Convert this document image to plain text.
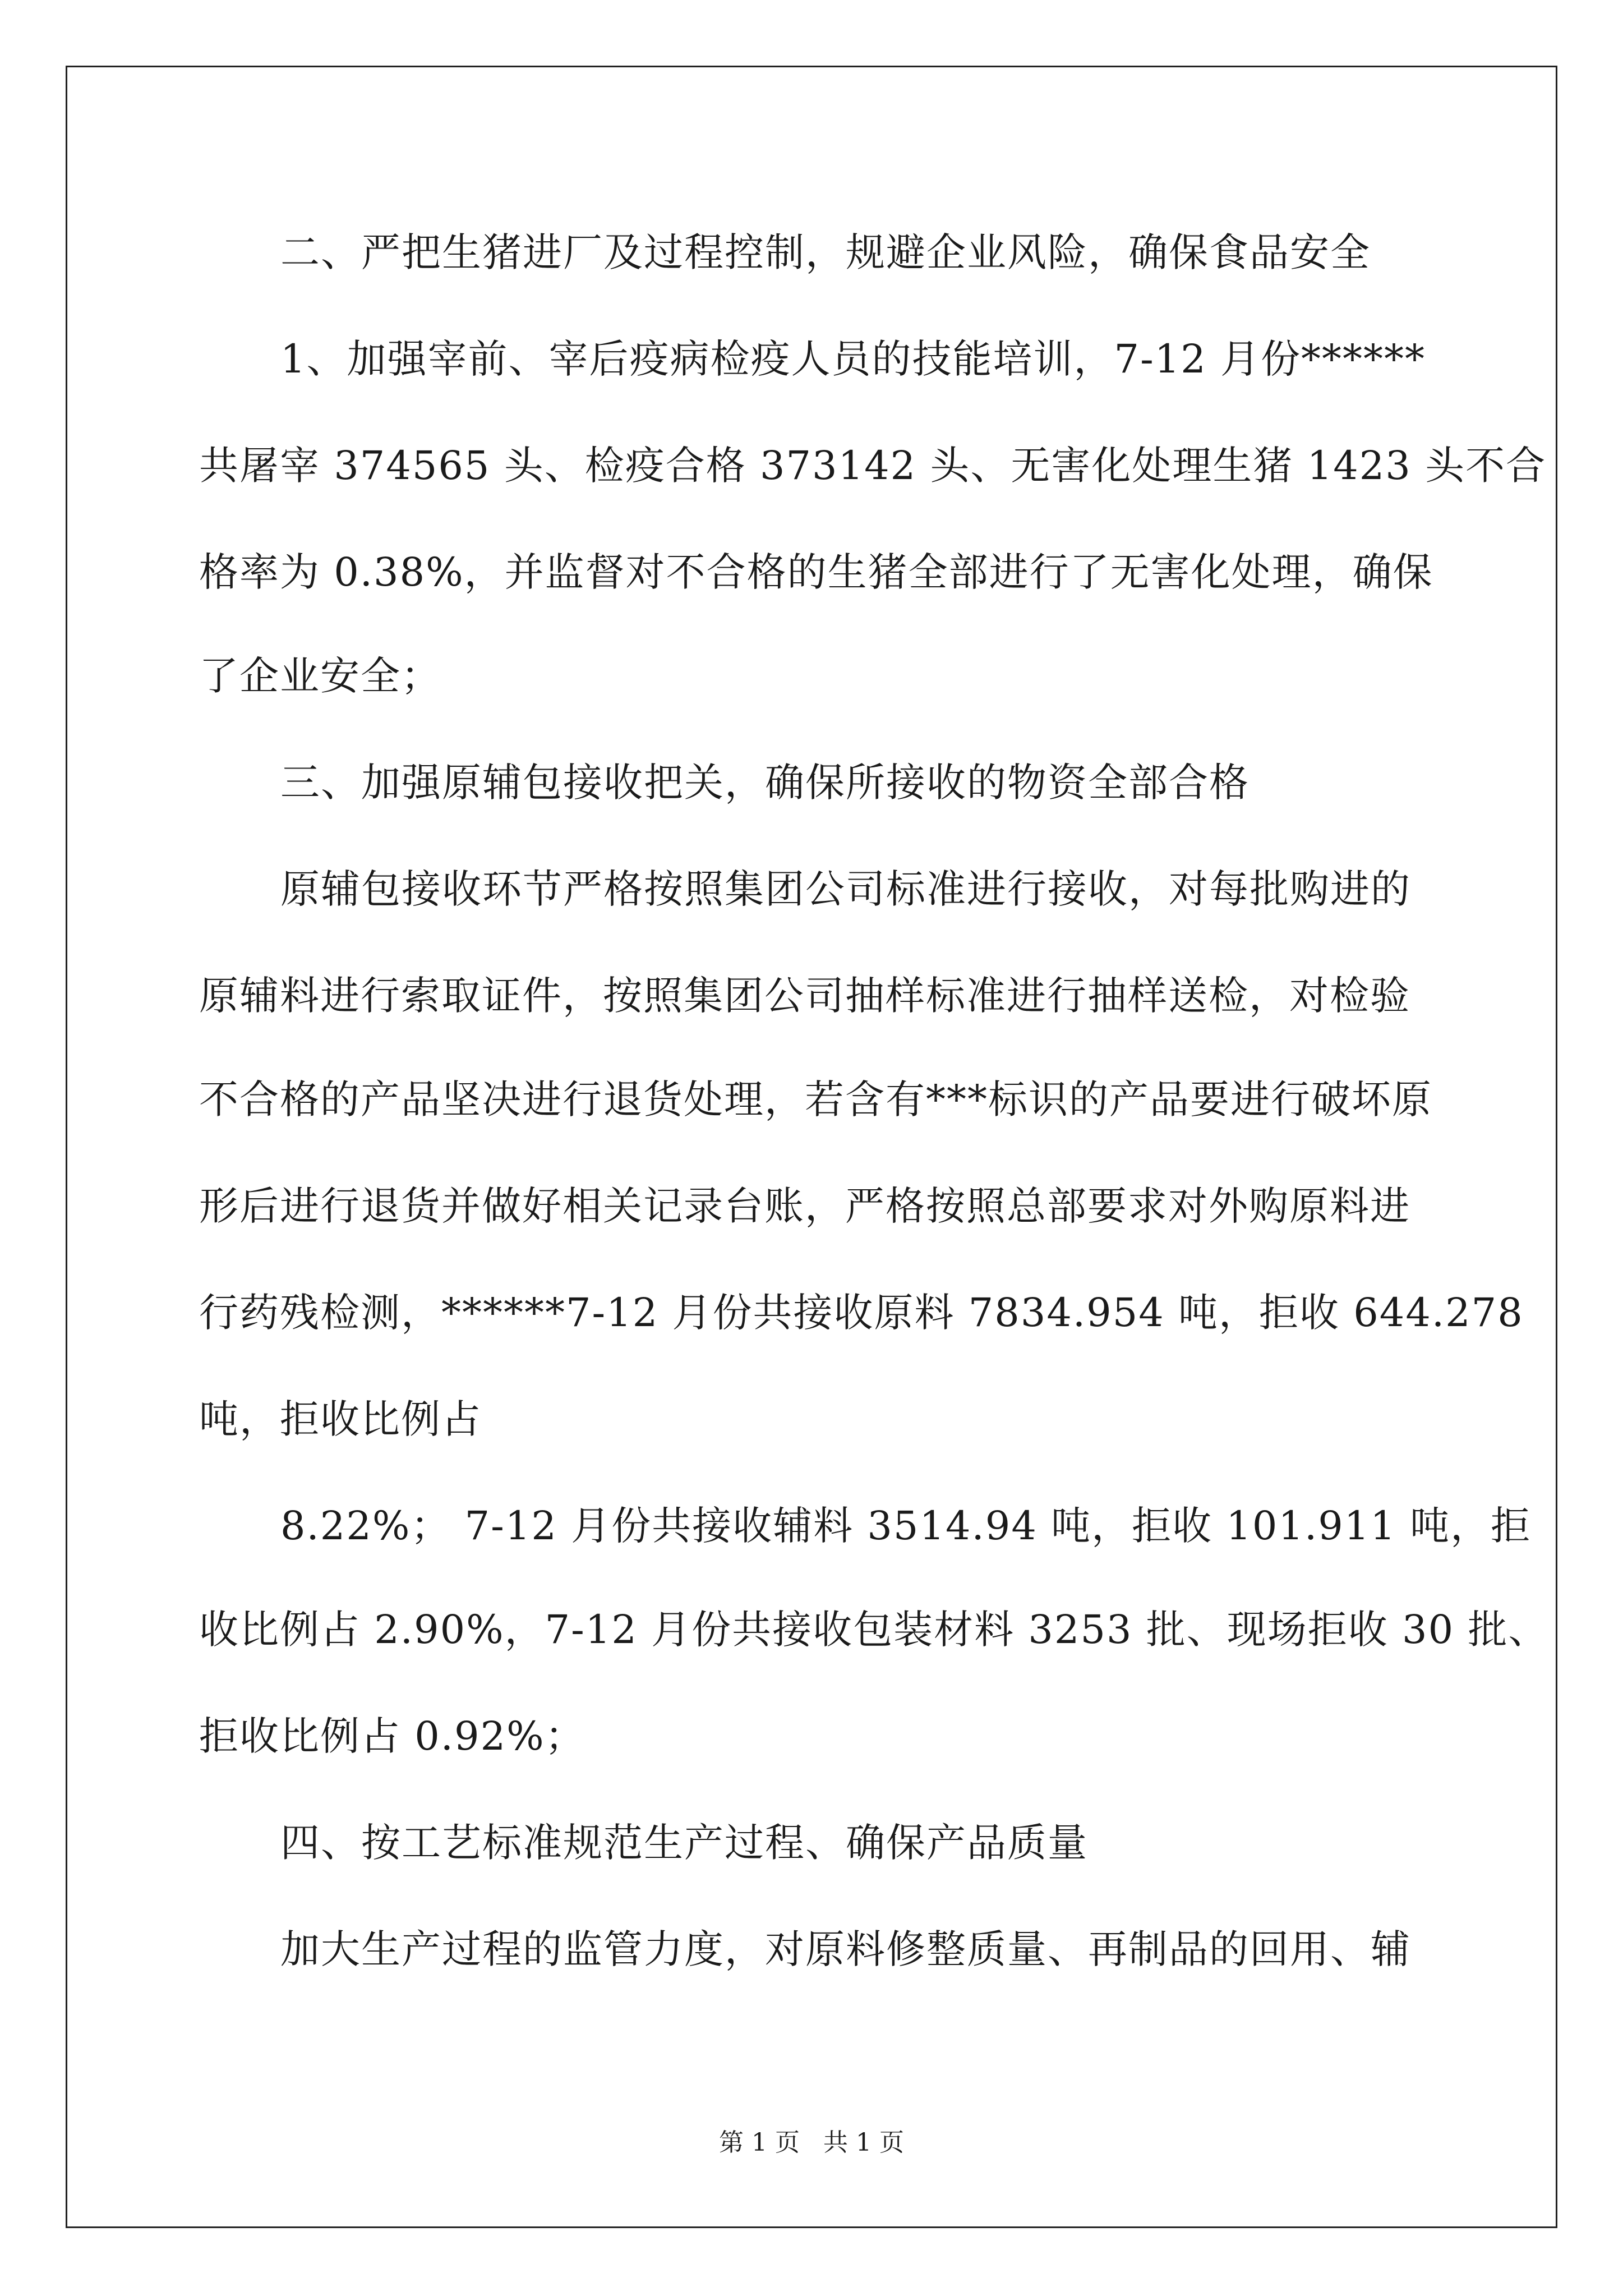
二、严把生猪进厂及过程控制，规避企业风险，确保食品安全
1、加强宰前、宰后疫病检疫人员的技能培训，7-12 月份******
共屠宰 374565 头、检疫合格 373142 头、无害化处理生猪 1423 头不合
格率为 0.38%，并监督对不合格的生猪全部进行了无害化处理，确保
了企业安全；
三、加强原辅包接收把关，确保所接收的物资全部合格
原辅包接收环节严格按照集团公司标准进行接收，对每批购进的
原辅料进行索取证件，按照集团公司抽样标准进行抽样送检，对检验
不合格的产品坚决进行退货处理，若含有***标识的产品要进行破坏原
形后进行退货并做好相关记录台账，严格按照总部要求对外购原料进
行药残检测，******7-12 月份共接收原料 7834.954 吨，拒收 644.278
吨，拒收比例占
8.22%； 7-12 月份共接收辅料 3514.94 吨，拒收 101.911 吨，拒
收比例占 2.90%，7-12 月份共接收包装材料 3253 批、现场拒收 30 批、
拒收比例占 0.92%；
四、按工艺标准规范生产过程、确保产品质量
加大生产过程的监管力度，对原料修整质量、再制品的回用、辅
第 1 页   共 1 页
